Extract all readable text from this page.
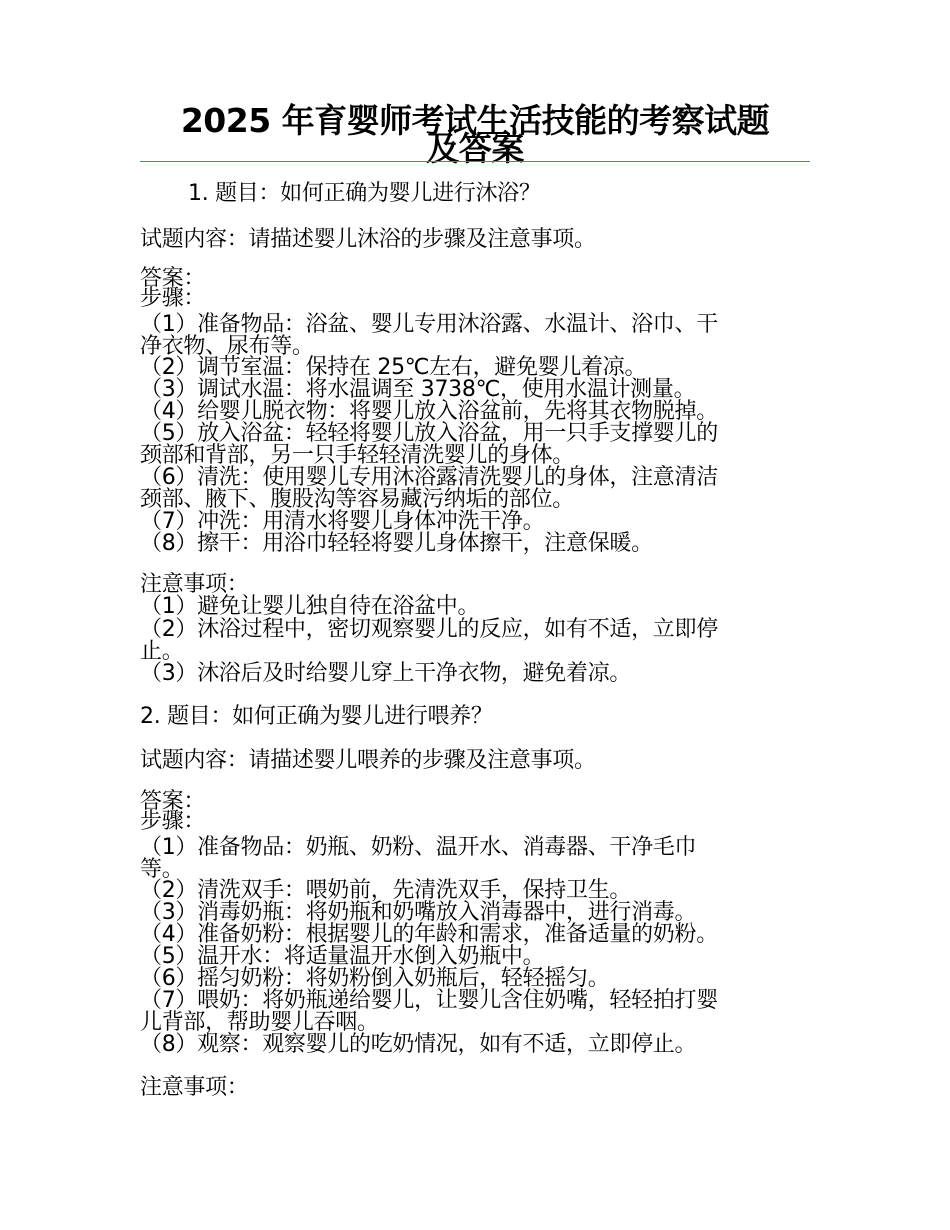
2025 年育婴师考试生活技能的考察试题
及答案
1. 题目：如何正确为婴儿进行沐浴？
试题内容：请描述婴儿沐浴的步骤及注意事项。
答案：
步骤：
（1）准备物品：浴盆、婴儿专用沐浴露、水温计、浴巾、干
净衣物、尿布等。
（2）调节室温：保持在 25℃左右，避免婴儿着凉。
（3）调试水温：将水温调至 3738℃，使用水温计测量。
（4）给婴儿脱衣物：将婴儿放入浴盆前，先将其衣物脱掉。
（5）放入浴盆：轻轻将婴儿放入浴盆，用一只手支撑婴儿的
颈部和背部，另一只手轻轻清洗婴儿的身体。
（6）清洗：使用婴儿专用沐浴露清洗婴儿的身体，注意清洁
颈部、腋下、腹股沟等容易藏污纳垢的部位。
（7）冲洗：用清水将婴儿身体冲洗干净。
（8）擦干：用浴巾轻轻将婴儿身体擦干，注意保暖。
注意事项：
（1）避免让婴儿独自待在浴盆中。
（2）沐浴过程中，密切观察婴儿的反应，如有不适，立即停
止。
（3）沐浴后及时给婴儿穿上干净衣物，避免着凉。
2. 题目：如何正确为婴儿进行喂养？
试题内容：请描述婴儿喂养的步骤及注意事项。
答案：
步骤：
（1）准备物品：奶瓶、奶粉、温开水、消毒器、干净毛巾
等。
（2）清洗双手：喂奶前，先清洗双手，保持卫生。
（3）消毒奶瓶：将奶瓶和奶嘴放入消毒器中，进行消毒。
（4）准备奶粉：根据婴儿的年龄和需求，准备适量的奶粉。
（5）温开水：将适量温开水倒入奶瓶中。
（6）摇匀奶粉：将奶粉倒入奶瓶后，轻轻摇匀。
（7）喂奶：将奶瓶递给婴儿，让婴儿含住奶嘴，轻轻拍打婴
儿背部，帮助婴儿吞咽。
（8）观察：观察婴儿的吃奶情况，如有不适，立即停止。
注意事项：
